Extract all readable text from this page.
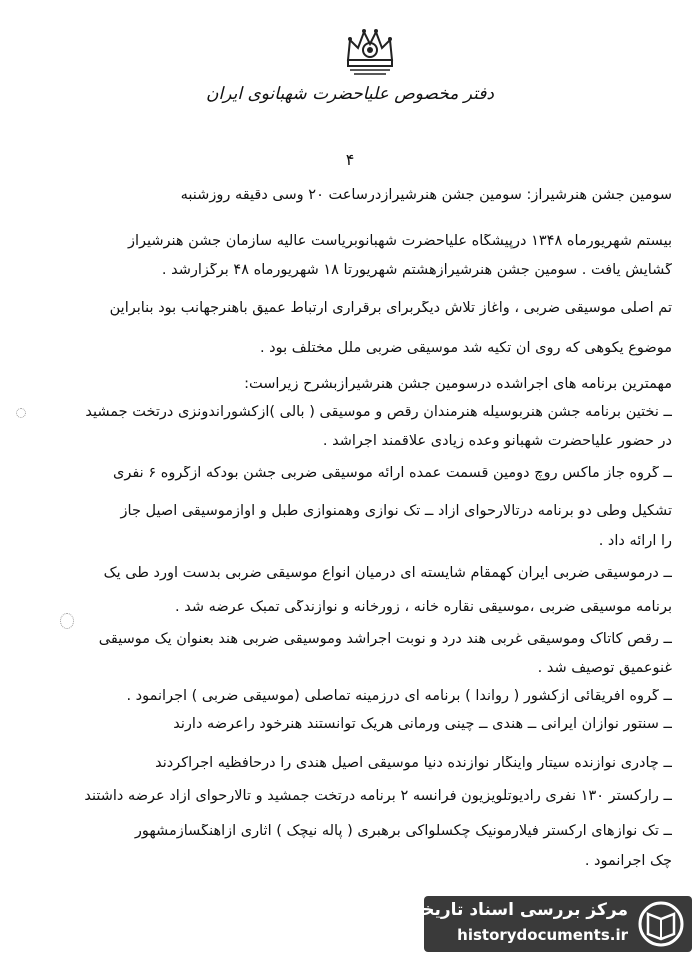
دفتر مخصوص علیاحضرت شهبانوی ایران
۴
سومین جشن هنرشیراز: سومین جشن هنرشیرازدرساعت ۲۰ وسی دقیقه روزشنبه
بیستم شهریورماه ۱۳۴۸ درپیشگاه علیاحضرت شهبانوبریاست عالیه سازمان جشن هنرشیراز
گشایش یافت . سومین جشن هنرشیرازهشتم شهریورتا ۱۸ شهریورماه ۴۸ برگزارشد .
تم اصلی موسیقی ضربی ، وآغاز تلاش دیگربرای برقراری ارتباط عمیق باهنرجهانب بود بنابراین
موضوع یکوهی که روی آن تکیه شد موسیقی ضربی ملل مختلف بود .
مهمترین برنامه های اجراشده درسومین جشن هنرشیرازبشرح زیراست:
ــ نختین برنامه جشن هنربوسیله هنرمندان رقص و موسیقی ( بالی )ازکشوراندونزی درتخت جمشید
در حضور علیاحضرت شهبانو وعده زیادی علاقمند اجراشد .
ــ گروه جاز ماکس روچ دومین قسمت عمده ارائه موسیقی ضربی جشن بودکه ازگروه ۶ نفری
تشکیل وطی دو برنامه درتالارحوای آزاد ــ تک نوازی وهمنوازی طبل و آوازموسیقی اصیل جاز
را ارائه داد .
ــ درموسیقی ضربی ایران کهمقام شایسته ای درمیان انواع موسیقی ضربی بدست آورد طی یک
برنامه موسیقی ضربی ،موسیقی نقاره خانه ، زورخانه و نوازندگی تمبک عرضه شد .
ــ رقص کاتاک وموسیقی غربی هند درد و نوبت اجراشد وموسیقی ضربی هند بعنوان یک موسیقی
غنوعمیق توصیف شد .
ــ گروه افریقائی ازکشور ( روآندا ) برنامه ای درزمینه تماصلی (موسیقی ضربی ) اجرانمود .
ــ سنتور نوازان ایرانی ــ هندی ــ چینی ورمانی هریک توانستند هنرخود راعرضه دارند
ــ چادری نوازنده سیتار واینگار نوازنده دنیا موسیقی اصیل هندی را درحافظیه اجراکردند
ــ رارکستر ۱۳۰ نفری رادیوتلویزیون فرانسه ۲ برنامه درتخت جمشید و تالارحوای آزاد عرضه داشتند
ــ تک نوازهای ارکستر فیلارمونیک چکسلواکی برهبری ( پاله نیچک ) آثاری ازآهنگسازمشهور
چک اجرانمود .
مرکز بررسی اسناد تاریخی
historydocuments.ir
